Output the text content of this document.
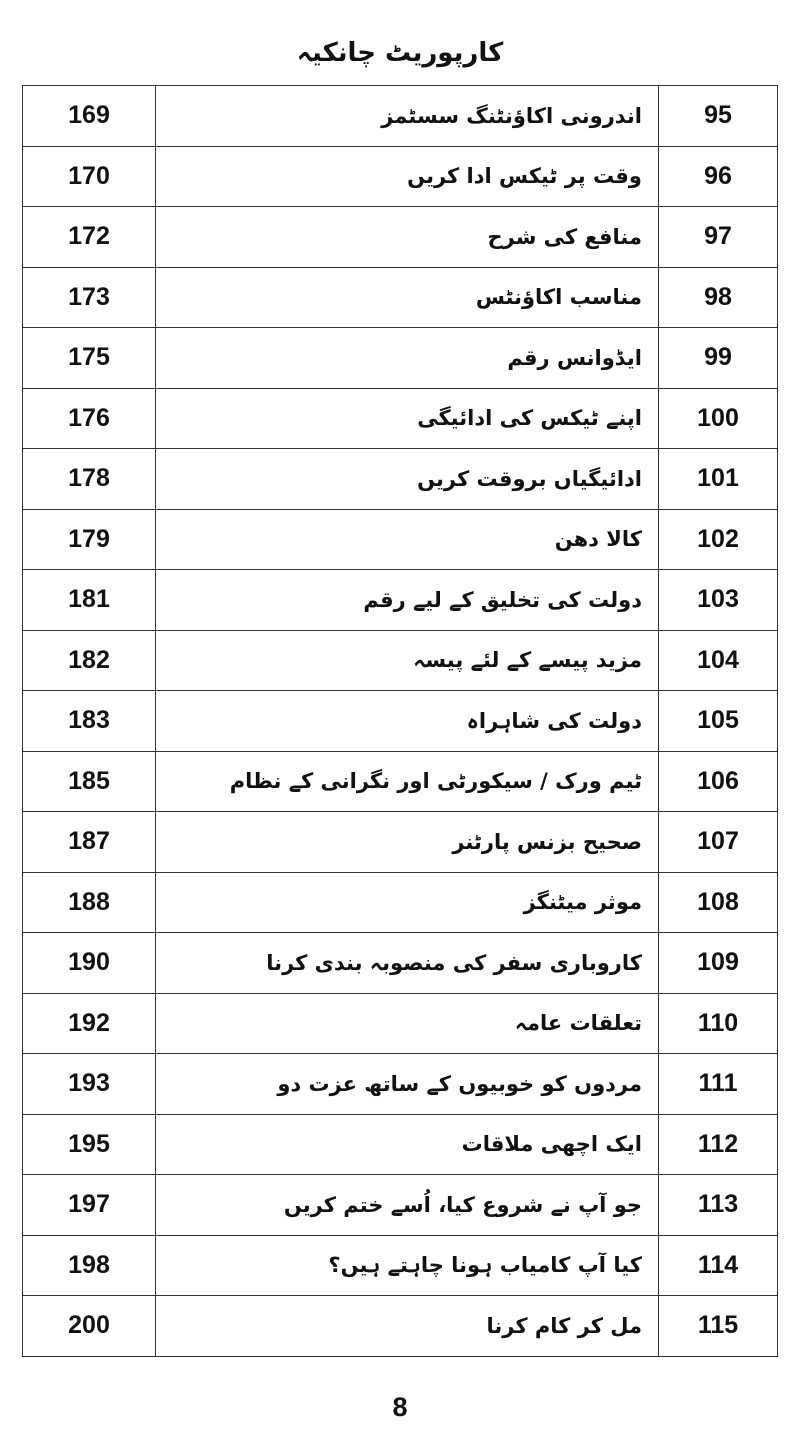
کارپوریٹ چانکیہ
169	اندرونی اکاؤنٹنگ سسٹمز	95
170	وقت پر ٹیکس ادا کریں	96
172	منافع کی شرح	97
173	مناسب اکاؤنٹس	98
175	ایڈوانس رقم	99
176	اپنے ٹیکس کی ادائیگی	100
178	ادائیگیاں بروقت کریں	101
179	کالا دھن	102
181	دولت کی تخلیق کے لیے رقم	103
182	مزید پیسے کے لئے پیسہ	104
183	دولت کی شاہراہ	105
185	ٹیم ورک / سیکورٹی اور نگرانی کے نظام	106
187	صحیح بزنس پارٹنر	107
188	موثر میٹنگز	108
190	کاروباری سفر کی منصوبہ بندی کرنا	109
192	تعلقات عامہ	110
193	مردوں کو خوبیوں کے ساتھ عزت دو	111
195	ایک اچھی ملاقات	112
197	جو آپ نے شروع کیا، اُسے ختم کریں	113
198	کیا آپ کامیاب ہونا چاہتے ہیں؟	114
200	مل کر کام کرنا	115
8
